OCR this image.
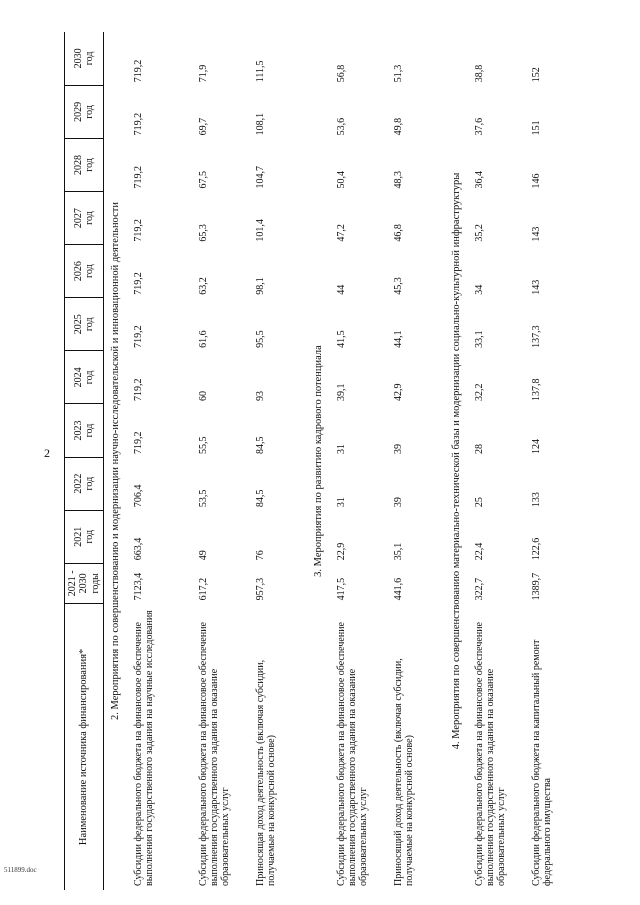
2
511899.doc
Наименование источника финансирования*	2021 - 2030 годы	2021 год	2022 год	2023 год	2024 год	2025 год	2026 год	2027 год	2028 год	2029 год	2030 год

2. Мероприятия по совершенствованию и модернизации научно-исследовательской и инновационной деятельности											
Субсидии федерального бюджета на финансовое обеспечение выполнения государственного задания на научные исследования	7123,4	663,4	706,4	719,2	719,2	719,2	719,2	719,2	719,2	719,2	719,2
Субсидии федерального бюджета на финансовое обеспечение выполнения государственного задания на оказание образовательных услуг	617,2	49	53,5	55,5	60	61,6	63,2	65,3	67,5	69,7	71,9
Приносящая доход деятельность (включая субсидии, получаемые на конкурсной основе)	957,3	76	84,5	84,5	93	95,5	98,1	101,4	104,7	108,1	111,5
3. Мероприятия по развитию кадрового потенциала											
Субсидии федерального бюджета на финансовое обеспечение выполнения государственного задания на оказание образовательных услуг	417,5	22,9	31	31	39,1	41,5	44	47,2	50,4	53,6	56,8
Приносящий доход деятельность (включая субсидии, получаемые на конкурсной основе)	441,6	35,1	39	39	42,9	44,1	45,3	46,8	48,3	49,8	51,3
4. Мероприятия по совершенствованию материально-технической базы и модернизации социально-культурной инфраструктуры											
Субсидии федерального бюджета на финансовое обеспечение выполнения государственного задания на оказание образовательных услуг	322,7	22,4	25	28	32,2	33,1	34	35,2	36,4	37,6	38,8
Субсидии федерального бюджета на капитальный ремонт федерального имущества	1389,7	122,6	133	124	137,8	137,3	143	143	146	151	152
